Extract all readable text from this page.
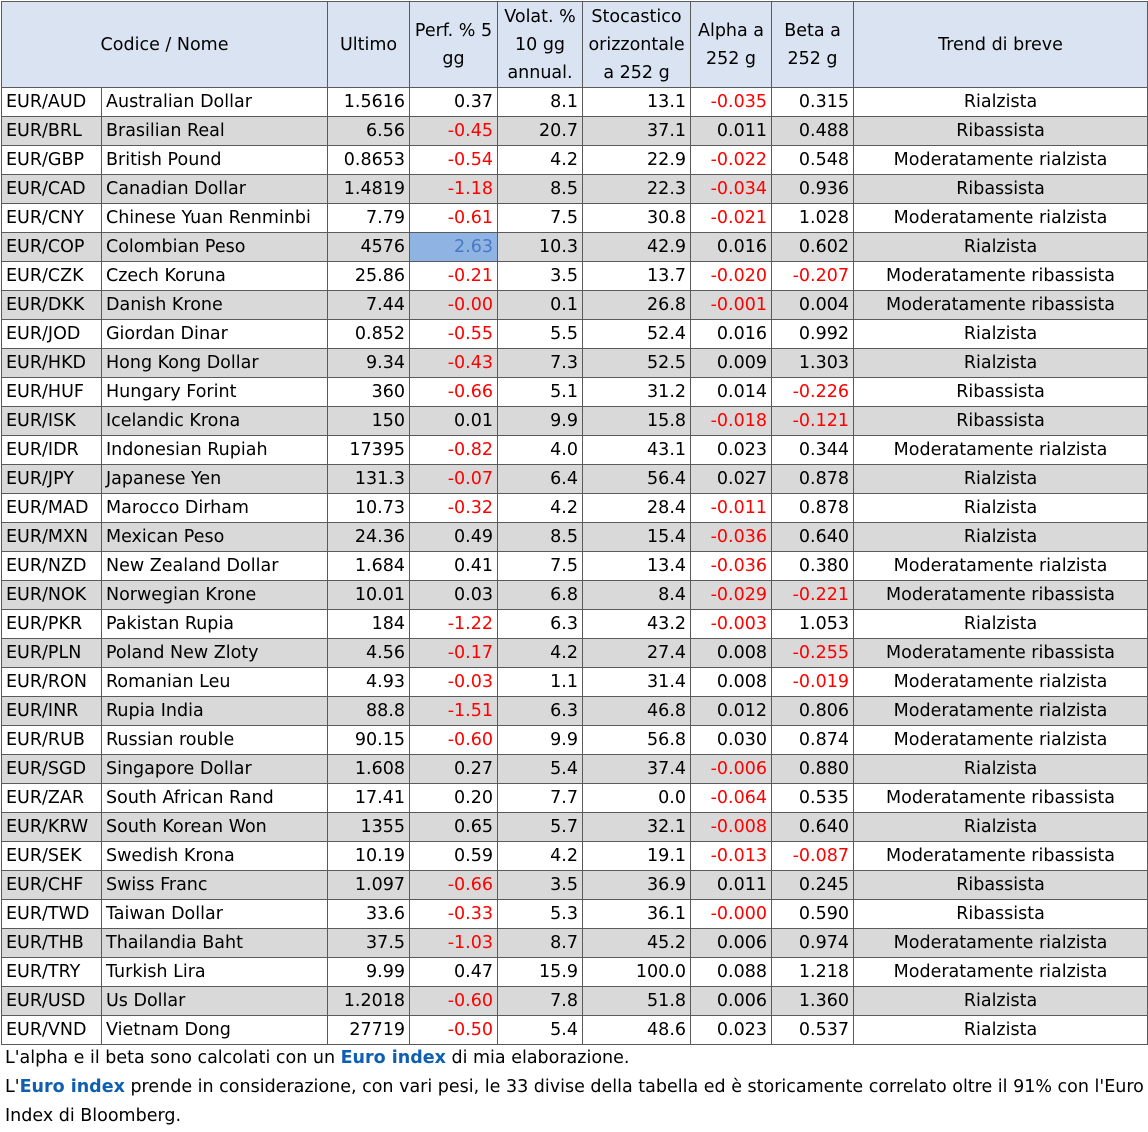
Codice / Nome		Ultimo	Perf. % 5
gg	Volat. %
10 gg
annual.	Stocastico
orizzontale
a 252 g	Alpha a
252 g	Beta a
252 g	Trend di breve
EUR/AUD	Australian Dollar	1.5616	0.37	8.1	13.1	-0.035	0.315	Rialzista
EUR/BRL	Brasilian Real	6.56	-0.45	20.7	37.1	0.011	0.488	Ribassista
EUR/GBP	British Pound	0.8653	-0.54	4.2	22.9	-0.022	0.548	Moderatamente rialzista
EUR/CAD	Canadian Dollar	1.4819	-1.18	8.5	22.3	-0.034	0.936	Ribassista
EUR/CNY	Chinese Yuan Renminbi	7.79	-0.61	7.5	30.8	-0.021	1.028	Moderatamente rialzista
EUR/COP	Colombian Peso	4576	2.63	10.3	42.9	0.016	0.602	Rialzista
EUR/CZK	Czech Koruna	25.86	-0.21	3.5	13.7	-0.020	-0.207	Moderatamente ribassista
EUR/DKK	Danish Krone	7.44	-0.00	0.1	26.8	-0.001	0.004	Moderatamente ribassista
EUR/JOD	Giordan Dinar	0.852	-0.55	5.5	52.4	0.016	0.992	Rialzista
EUR/HKD	Hong Kong Dollar	9.34	-0.43	7.3	52.5	0.009	1.303	Rialzista
EUR/HUF	Hungary Forint	360	-0.66	5.1	31.2	0.014	-0.226	Ribassista
EUR/ISK	Icelandic Krona	150	0.01	9.9	15.8	-0.018	-0.121	Ribassista
EUR/IDR	Indonesian Rupiah	17395	-0.82	4.0	43.1	0.023	0.344	Moderatamente rialzista
EUR/JPY	Japanese Yen	131.3	-0.07	6.4	56.4	0.027	0.878	Rialzista
EUR/MAD	Marocco Dirham	10.73	-0.32	4.2	28.4	-0.011	0.878	Rialzista
EUR/MXN	Mexican Peso	24.36	0.49	8.5	15.4	-0.036	0.640	Rialzista
EUR/NZD	New Zealand Dollar	1.684	0.41	7.5	13.4	-0.036	0.380	Moderatamente rialzista
EUR/NOK	Norwegian Krone	10.01	0.03	6.8	8.4	-0.029	-0.221	Moderatamente ribassista
EUR/PKR	Pakistan Rupia	184	-1.22	6.3	43.2	-0.003	1.053	Rialzista
EUR/PLN	Poland New Zloty	4.56	-0.17	4.2	27.4	0.008	-0.255	Moderatamente ribassista
EUR/RON	Romanian Leu	4.93	-0.03	1.1	31.4	0.008	-0.019	Moderatamente rialzista
EUR/INR	Rupia India	88.8	-1.51	6.3	46.8	0.012	0.806	Moderatamente rialzista
EUR/RUB	Russian rouble	90.15	-0.60	9.9	56.8	0.030	0.874	Moderatamente rialzista
EUR/SGD	Singapore Dollar	1.608	0.27	5.4	37.4	-0.006	0.880	Rialzista
EUR/ZAR	South African Rand	17.41	0.20	7.7	0.0	-0.064	0.535	Moderatamente ribassista
EUR/KRW	South Korean Won	1355	0.65	5.7	32.1	-0.008	0.640	Rialzista
EUR/SEK	Swedish Krona	10.19	0.59	4.2	19.1	-0.013	-0.087	Moderatamente ribassista
EUR/CHF	Swiss Franc	1.097	-0.66	3.5	36.9	0.011	0.245	Ribassista
EUR/TWD	Taiwan Dollar	33.6	-0.33	5.3	36.1	-0.000	0.590	Ribassista
EUR/THB	Thailandia Baht	37.5	-1.03	8.7	45.2	0.006	0.974	Moderatamente rialzista
EUR/TRY	Turkish Lira	9.99	0.47	15.9	100.0	0.088	1.218	Moderatamente rialzista
EUR/USD	Us Dollar	1.2018	-0.60	7.8	51.8	0.006	1.360	Rialzista
EUR/VND	Vietnam Dong	27719	-0.50	5.4	48.6	0.023	0.537	Rialzista

L'alpha e il beta sono calcolati con un Euro index di mia elaborazione.

L'Euro index prende in considerazione, con vari pesi, le 33 divise della tabella ed è storicamente correlato oltre il 91% con l'Euro Index di Bloomberg.
